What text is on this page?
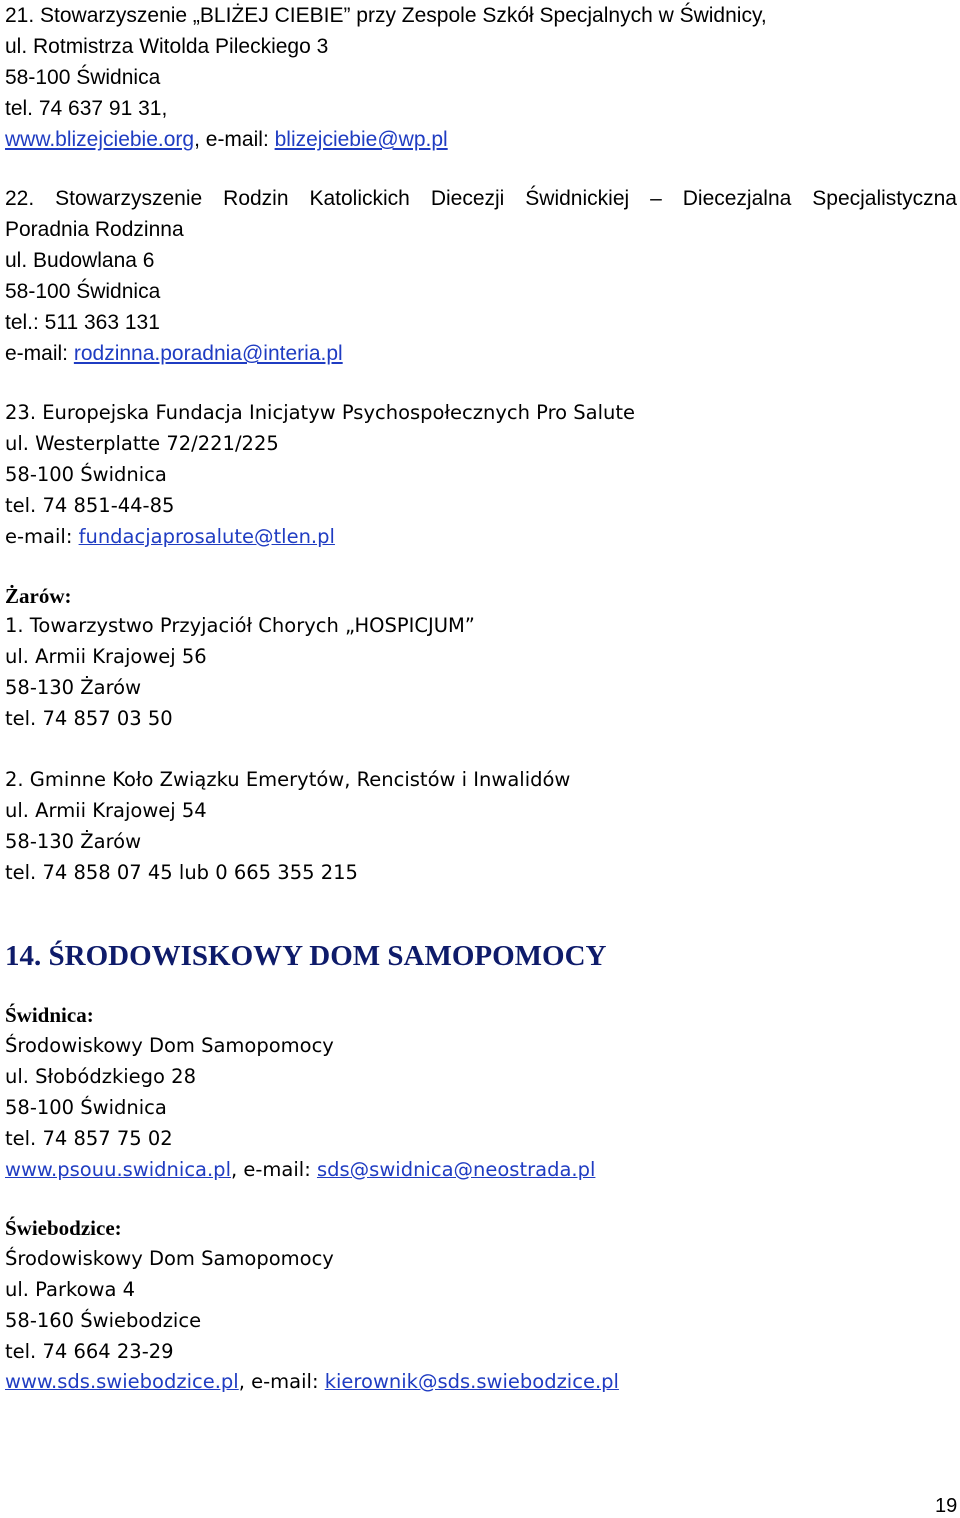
21. Stowarzyszenie „BLIŻEJ CIEBIE” przy Zespole Szkół Specjalnych w Świdnicy,
ul. Rotmistrza Witolda Pileckiego 3
58-100 Świdnica
tel. 74 637 91 31,
www.blizejciebie.org, e-mail: blizejciebie@wp.pl
22. Stowarzyszenie Rodzin Katolickich Diecezji Świdnickiej – Diecezjalna Specjalistyczna
Poradnia Rodzinna
ul. Budowlana 6
58-100 Świdnica
tel.: 511 363 131
e-mail: rodzinna.poradnia@interia.pl
23. Europejska Fundacja Inicjatyw Psychospołecznych Pro Salute
ul. Westerplatte 72/221/225
58-100 Świdnica
tel. 74 851-44-85
e-mail: fundacjaprosalute@tlen.pl
Żarów:
1. Towarzystwo Przyjaciół Chorych „HOSPICJUM”
ul. Armii Krajowej 56
58-130 Żarów
tel. 74 857 03 50
2. Gminne Koło Związku Emerytów, Rencistów i Inwalidów
ul. Armii Krajowej 54
58-130 Żarów
tel. 74 858 07 45 lub 0 665 355 215
14. ŚRODOWISKOWY DOM SAMOPOMOCY
Świdnica:
Środowiskowy Dom Samopomocy
ul. Słobódzkiego 28
58-100 Świdnica
tel. 74 857 75 02
www.psouu.swidnica.pl, e-mail: sds@swidnica@neostrada.pl
Świebodzice:
Środowiskowy Dom Samopomocy
ul. Parkowa 4
58-160 Świebodzice
tel. 74 664 23-29
www.sds.swiebodzice.pl, e-mail: kierownik@sds.swiebodzice.pl
19
